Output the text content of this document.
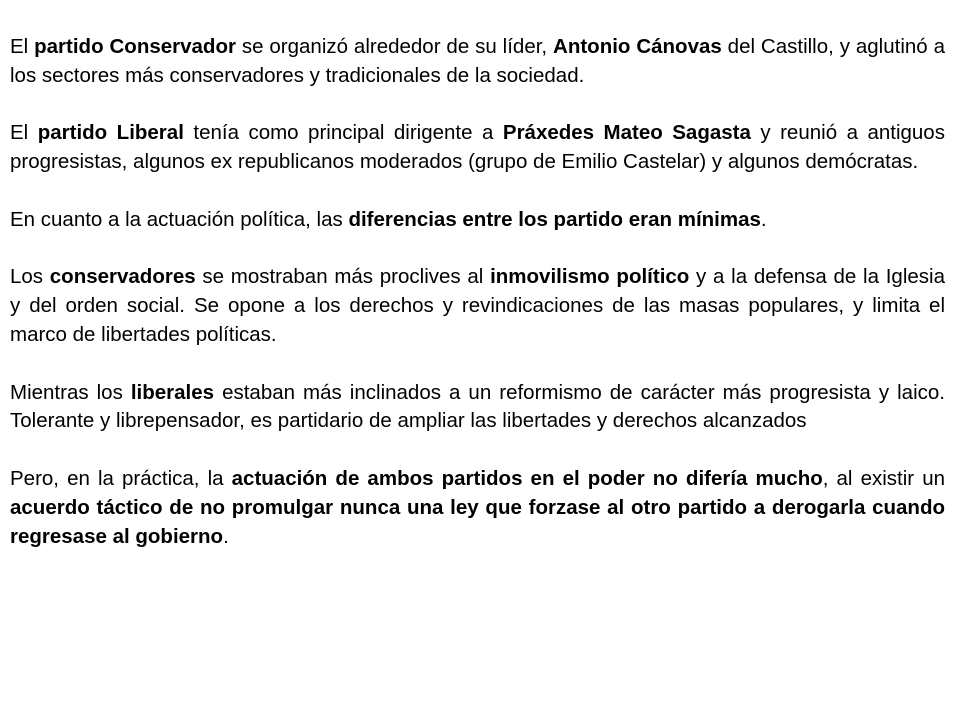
El partido Conservador se organizó alrededor de su líder, Antonio Cánovas del Castillo, y aglutinó a los sectores más conservadores y tradicionales de la sociedad.

El partido Liberal tenía como principal dirigente a Práxedes Mateo Sagasta y reunió a antiguos progresistas, algunos ex republicanos moderados (grupo de Emilio Castelar) y algunos demócratas.

En cuanto a la actuación política, las diferencias entre los partido eran mínimas.

Los conservadores se mostraban más proclives al inmovilismo político y a la defensa de la Iglesia y del orden social. Se opone a los derechos y revindicaciones de las masas populares, y limita el marco de libertades políticas.

Mientras los liberales estaban más inclinados a un reformismo de carácter más progresista y laico. Tolerante y librepensador, es partidario de ampliar las libertades y derechos alcanzados

Pero, en la práctica, la actuación de ambos partidos en el poder no difería mucho, al existir un acuerdo táctico de no promulgar nunca una ley que forzase al otro partido a derogarla cuando regresase al gobierno.
